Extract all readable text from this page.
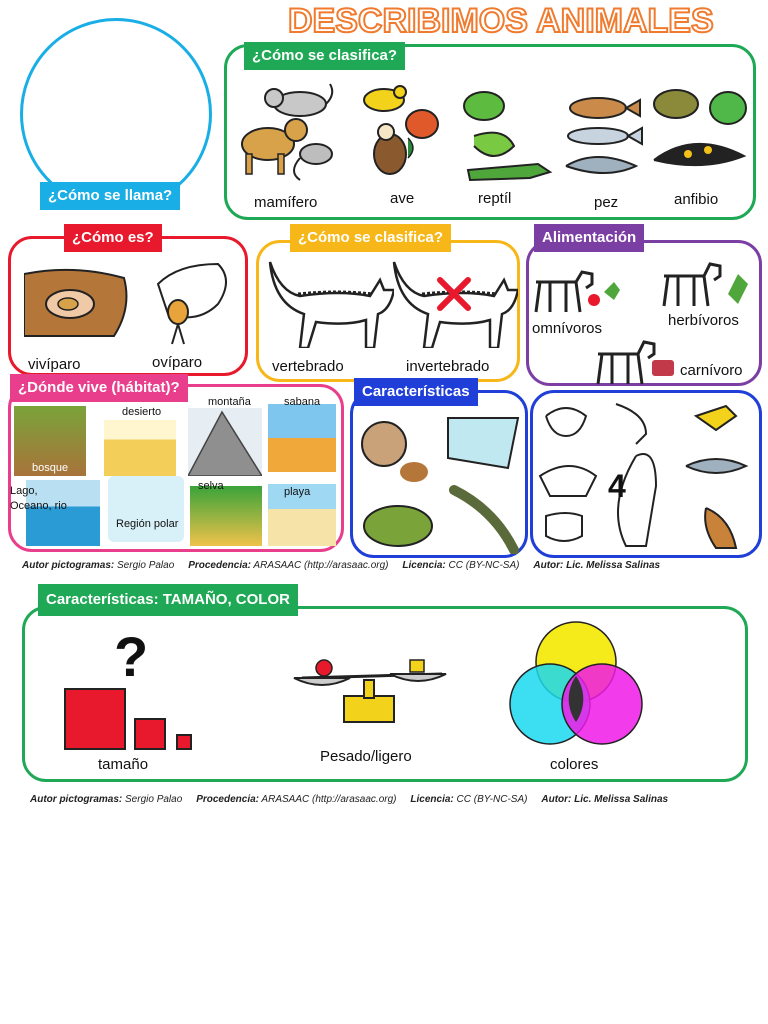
DESCRIBIMOS ANIMALES
¿Cómo se llama?
¿Cómo se clasifica?
mamífero	ave	reptíl	pez	anfibio
¿Cómo es?
vivíparo	ovíparo
¿Cómo se clasifica?
vertebrado	invertebrado
Alimentación
omnívoros	herbívoros
carnívoro
¿Dónde vive (hábitat)?
desierto
montaña	sabana
bosque
Lago, Oceano, rio
Región polar
selva	playa
Características
4
Autor pictogramas: Sergio Palao Procedencia: ARASAAC (http://arasaac.org) Licencia: CC (BY-NC-SA) Autor: Lic. Melissa Salinas
Características: TAMAÑO, COLOR
?
tamaño	Pesado/ligero	colores
Autor pictogramas: Sergio Palao Procedencia: ARASAAC (http://arasaac.org) Licencia: CC (BY-NC-SA) Autor: Lic. Melissa Salinas
